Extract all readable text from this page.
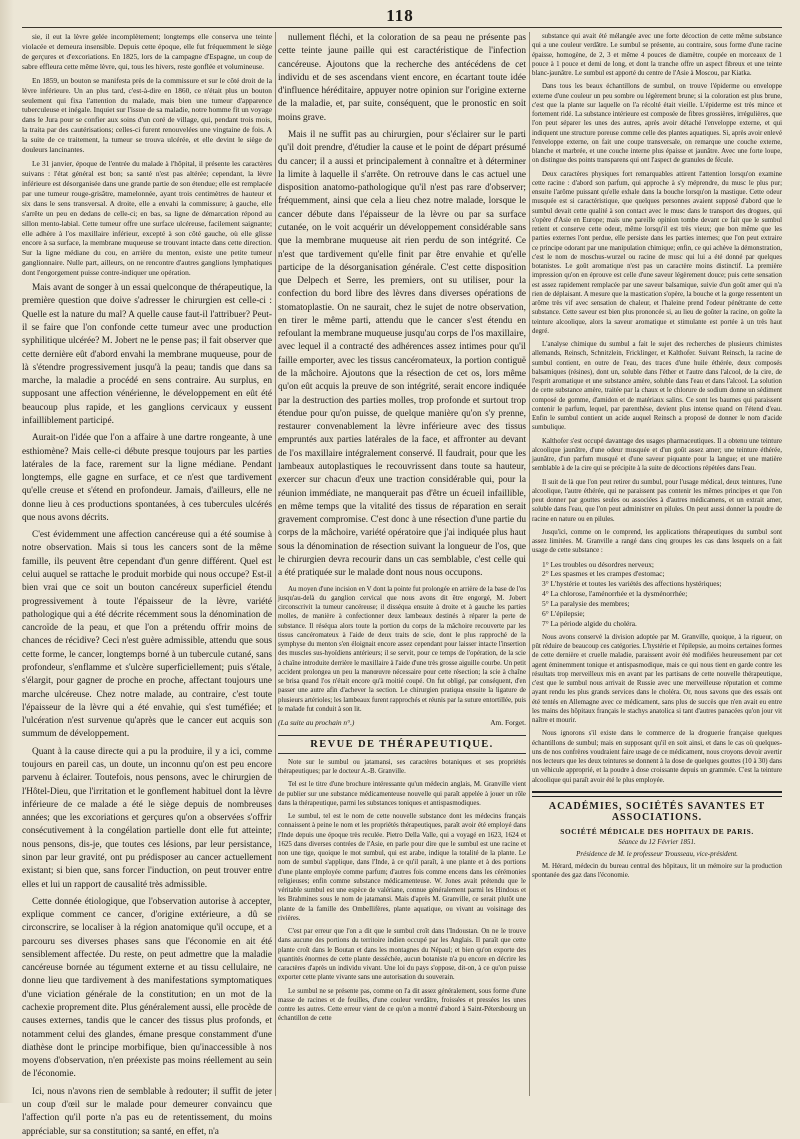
118

sie, il eut la lèvre gelée incomplètement; longtemps elle conserva une teinte violacée et demeura insensible. Depuis cette époque, elle fut fréquemment le siège de gerçures et d'excoriations. En 1825, lors de la campagne d'Espagne, un coup de sabre effleura cette même lèvre, qui, tous les hivers, reste gonflée et volumineuse.

En 1859, un bouton se manifesta près de la commissure et sur le côté droit de la lèvre inférieure. Un an plus tard, c'est-à-dire en 1860, ce n'était plus un bouton seulement qui fixa l'attention du malade, mais bien une tumeur d'apparence tuberculeuse et inégale. Inquiet sur l'issue de sa maladie, notre homme fit un voyage dans le Jura pour se confier aux soins d'un coré de village, qui, pendant trois mois, la traita par des cautérisations; celles-ci furent renouvelées une vingtaine de fois. A la suite de ce traitement, la tumeur se trouva ulcérée, et elle devint le siège de douleurs lancinantes.

Le 31 janvier, époque de l'entrée du malade à l'hôpital, il présente les caractères suivans : l'état général est bon; sa santé n'est pas altérée; cependant, la lèvre inférieure est désorganisée dans une grande partie de son étendue; elle est remplacée par une tumeur rouge-grisâtre, mamelonnée, ayant trois centimètres de hauteur et six dans le sens transversal. A droite, elle a envahi la commissure; à gauche, elle s'arrête un peu en dedans de celle-ci; en bas, sa ligne de démarcation répond au sillon mento-labial. Cette tumeur offre une surface ulcéreuse, facilement saignante; elle adhère à l'os maxillaire inférieur, excepté à son côté gauche, où elle glisse encore à sa surface, la membrane muqueuse se trouvant intacte dans cette direction. Sur la ligne médiane du cou, en arrière du menton, existe une petite tumeur ganglionnaire. Nulle part, ailleurs, on ne rencontre d'autres ganglions lymphatiques dont l'engorgement puisse contre-indiquer une opération.

Mais avant de songer à un essai quelconque de thérapeutique, la première question que doive s'adresser le chirurgien est celle-ci : Quelle est la nature du mal? A quelle cause faut-il l'attribuer? Peut-il se faire que l'on confonde cette tumeur avec une production syphilitique ulcérée? M. Jobert ne le pense pas; il fait observer que cette dernière eût d'abord envahi la membrane muqueuse, pour de là s'étendre progressivement jusqu'à la peau; tandis que dans sa marche, la maladie a procédé en sens contraire. Au surplus, en supposant une affection vénérienne, le développement en eût été beaucoup plus rapide, et les ganglions cervicaux y eussent infailliblement participé.

Aurait-on l'idée que l'on a affaire à une dartre rongeante, à une esthiomène? Mais celle-ci débute presque toujours par les parties latérales de la face, rarement sur la ligne médiane. Pendant longtemps, elle gagne en surface, et ce n'est que tardivement qu'elle creuse et s'étend en profondeur. Jamais, d'ailleurs, elle ne donne lieu à ces productions spontanées, à ces tubercules ulcérés que nous avons décrits.

C'est évidemment une affection cancéreuse qui a été soumise à notre observation. Mais si tous les cancers sont de la même famille, ils peuvent être cependant d'un genre différent. Quel est celui auquel se rattache le produit morbide qui nous occupe? Est-il bien vrai que ce soit un bouton cancéreux superficiel étendu progressivement à toute l'épaisseur de la lèvre, variété pathologique qui a été décrite récemment sous la dénomination de cancroïde de la peau, et que l'on a prétendu offrir moins de chances de récidive? Ceci n'est guère admissible, attendu que sous cette forme, le cancer, longtemps borné à un tubercule cutané, sans profondeur, s'enflamme et s'ulcère superficiellement; puis s'étale, s'élargit, pour gagner de proche en proche, affectant toujours une marche ulcéreuse. Chez notre malade, au contraire, c'est toute l'épaisseur de la lèvre qui a été envahie, qui s'est tuméfiée; et l'ulcération n'est survenue qu'après que le cancer eut acquis son summum de développement.

Quant à la cause directe qui a pu la produire, il y a ici, comme toujours en pareil cas, un doute, un inconnu qu'on est peu encore parvenu à éclairer. Toutefois, nous pensons, avec le chirurgien de l'Hôtel-Dieu, que l'irritation et le gonflement habituel dont la lèvre inférieure de ce malade a été le siège depuis de nombreuses années; que les excoriations et gerçures qu'on a observées s'offrir consécutivement à la congélation partielle dont elle fut atteinte; nous pensons, dis-je, que toutes ces lésions, par leur persistance, sinon par leur gravité, ont pu prédisposer au cancer actuellement existant; si bien que, sans forcer l'induction, on peut trouver entre elles et lui un rapport de causalité très admissible.

Cette donnée étiologique, que l'observation autorise à accepter, explique comment ce cancer, d'origine extérieure, a dû se circonscrire, se localiser à la région anatomique qu'il occupe, et a parcouru ses diverses phases sans que l'économie en ait été sensiblement affectée. Du reste, on peut admettre que la maladie cancéreuse bornée au tégument externe et au tissu cellulaire, ne donne lieu que tardivement à des manifestations symptomatiques d'une viciation générale de la constitution; en un mot de la cachexie proprement dite. Plus généralement aussi, elle procède de causes externes, tandis que le cancer des tissus plus profonds, et notamment celui des glandes, émane presque constamment d'une diathèse dont le principe morbifique, bien qu'inaccessible à nos moyens d'observation, n'en préexiste pas moins réellement au sein de l'économie.

Ici, nous n'avons rien de semblable à redouter; il suffit de jeter un coup d'œil sur le malade pour demeurer convaincu que l'affection qu'il porte n'a pas eu de retentissement, du moins appréciable, sur sa constitution; sa santé, en effet, n'a

nullement fléchi, et la coloration de sa peau ne présente pas cette teinte jaune paille qui est caractéristique de l'infection cancéreuse. Ajoutons que la recherche des antécédens de cet individu et de ses ascendans vient encore, en écartant toute idée d'influence héréditaire, appuyer notre opinion sur l'origine externe de la maladie, et, par suite, conséquent, que le pronostic en soit moins grave.

Mais il ne suffit pas au chirurgien, pour s'éclairer sur le parti qu'il doit prendre, d'étudier la cause et le point de départ présumé du cancer; il a aussi et principalement à connaître et à déterminer la limite à laquelle il s'arrête. On retrouve dans le cas actuel une disposition anatomo-pathologique qu'il n'est pas rare d'observer; fréquemment, ainsi que cela a lieu chez notre malade, lorsque le cancer débute dans l'épaisseur de la lèvre ou par sa surface cutanée, on le voit acquérir un développement considérable sans que la membrane muqueuse ait rien perdu de son intégrité. Ce n'est que tardivement qu'elle finit par être envahie et qu'elle participe de la désorganisation générale. C'est cette disposition que Delpech et Serre, les premiers, ont su utiliser, pour la confection du bord libre des lèvres dans diverses opérations de stomatoplastie. On ne saurait, chez le sujet de notre observation, en tirer le même parti, attendu que le cancer s'est étendu en refoulant la membrane muqueuse jusqu'au corps de l'os maxillaire, avec lequel il a contracté des adhérences assez intimes pour qu'il faille emporter, avec les tissus cancéromateux, la portion contiguë de la mâchoire. Ajoutons que la résection de cet os, lors même qu'on eût acquis la preuve de son intégrité, serait encore indiquée par la destruction des parties molles, trop profonde et surtout trop étendue pour qu'on puisse, de quelque manière qu'on s'y prenne, restaurer convenablement la lèvre inférieure avec des tissus empruntés aux parties latérales de la face, et affronter au devant de l'os maxillaire intégralement conservé. Il faudrait, pour que les lambeaux autoplastiques le recouvrissent dans toute sa hauteur, exercer sur chacun d'eux une traction considérable qui, pour la réunion immédiate, ne manquerait pas d'être un écueil infaillible, en même temps que la vitalité des tissus de réparation en serait gravement compromise. C'est donc à une résection d'une partie du corps de la mâchoire, variété opératoire que j'ai indiquée plus haut sous la dénomination de résection suivant la longueur de l'os, que le chirurgien devra recourir dans un cas semblable, c'est celle qui a été pratiquée sur le malade dont nous nous occupons.

Au moyen d'une incision en V dont la pointe fut prolongée en arrière de la base de l'os jusqu'au-delà du ganglion cervical que nous avons dit être engorgé, M. Jobert circonscrivit la tumeur cancéreuse; il disséqua ensuite à droite et à gauche les parties molles, de manière à confectionner deux lambeaux destinés à réparer la perte de substance. Il réséqua alors toute la portion du corps de la mâchoire recouverte par les tissus cancéromateux à l'aide de deux traits de scie, dont le plus rapproché de la symphyse du menton s'en éloignait encore assez cependant pour laisser intacte l'insertion des muscles sus-hyoïdiens antérieurs; il se servit, pour ce temps de l'opération, de la scie à chaîne introduite derrière le maxillaire à l'aide d'une très grosse aiguille courbe. Un petit accident prolongea un peu la manœuvre nécessaire pour cette résection; la scie à chaîne se brisa quand l'os n'était encore qu'à moitié coupé. On fut obligé, par conséquent, d'en passer une autre afin d'achever la section. Le chirurgien pratiqua ensuite la ligature de plusieurs artérioles; les lambeaux furent rapprochés et réunis par la suture entortillée, puis le malade fut conduit à son lit.

(La suite au prochain n°.)	Am. Forget.

REVUE DE THÉRAPEUTIQUE.

Note sur le sumbul ou jatamansi, ses caractères botaniques et ses propriétés thérapeutiques; par le docteur A.-B. Granville.

Tel est le titre d'une brochure intéressante qu'un médecin anglais, M. Granville vient de publier sur une substance médicamenteuse nouvelle qui paraît appelée à jouer un rôle dans la thérapeutique, parmi les substances toniques et antispasmodiques.

Le sumbul, tel est le nom de cette nouvelle substance dont les médecins français connaissent à peine le nom et les propriétés thérapeutiques, paraît avoir été employé dans l'Inde depuis une époque très reculée. Pietro Della Valle, qui a voyagé en 1623, 1624 et 1625 dans diverses contrées de l'Asie, en parle pour dire que le sumbul est une racine et non une tige, quoique le mot sumbul, qui est arabe, indique la totalité de la plante. Le nom de sumbul s'applique, dans l'Inde, à ce qu'il paraît, à une plante et à des portions d'une plante employée comme parfum; d'autres fois comme encens dans les cérémonies religieuses; enfin comme substance médicamenteuse. W. Jones avait prétendu que le véritable sumbul est une espèce de valériane, connue généralement parmi les Hindous et les Brahmines sous le nom de jatamansi. Mais d'après M. Granville, ce serait plutôt une plante de la famille des Ombellifères, plante aquatique, ou vivant au voisinage des rivières.

C'est par erreur que l'on a dit que le sumbul croît dans l'Indoustan. On ne le trouve dans aucune des portions du territoire indien occupé par les Anglais. Il paraît que cette plante croît dans le Boutan et dans les montagnes du Népaul; et bien qu'on exporte des quantités énormes de cette plante desséchée, aucun botaniste n'a pu encore en décrire les caractères d'après un individu vivant. Une loi du pays s'oppose, dit-on, à ce qu'on puisse exporter cette plante vivante sans une autorisation du souverain.

Le sumbul ne se présente pas, comme on l'a dit assez généralement, sous forme d'une masse de racines et de feuilles, d'une couleur verdâtre, froissées et pressées les unes contre les autres. Cette erreur vient de ce qu'on a montré d'abord à Saint-Pétersbourg un échantillon de cette

substance qui avait été mélangée avec une forte décoction de cette même substance qui a une couleur verdâtre. Le sumbul se présente, au contraire, sous forme d'une racine épaisse, homogène, de 2, 3 et même 4 pouces de diamètre, coupée en morceaux de 1 pouce à 1 pouce et demi de long, et dont la tranche offre un aspect fibreux et une teinte blanc-jaunâtre. Le sumbul est apporté du centre de l'Asie à Moscou, par Kiatka.

Dans tous les beaux échantillons de sumbul, on trouve l'épiderme ou enveloppe externe d'une couleur un peu sombre ou légèrement brune; si la coloration est plus brune, c'est que la plante sur laquelle on l'a récolté était vieille. L'épiderme est très mince et fortement ridé. La substance intérieure est composée de fibres grossières, irrégulières, que l'on peut séparer les unes des autres, après avoir détaché l'enveloppe externe, et qui indiquent une structure poreuse comme celle des plantes aquatiques. Si, après avoir enlevé l'enveloppe externe, on fait une coupe transversale, on remarque une couche externe, blanche et marbrée, et une couche interne plus épaisse et jaunâtre. Avec une forte loupe, on distingue des points transparens qui ont l'aspect de granules de fécule.

Deux caractères physiques fort remarquables attirent l'attention lorsqu'on examine cette racine : d'abord son parfum, qui approche à s'y méprendre, du musc le plus pur; ensuite l'arôme puissant qu'elle exhale dans la bouche lorsqu'on la mastique. Cette odeur musquée est si caractéristique, que quelques personnes avaient supposé d'abord que le sumbul devait cette qualité à son contact avec le musc dans le transport des drogues, qui s'opère d'Asie en Europe; mais une pareille opinion tombe devant ce fait que le sumbul retient et conserve cette odeur, même lorsqu'il est très vieux; que bon même que les parties externes l'ont perdue, elle persiste dans les parties internes; que l'on peut extraire ce principe odorant par une manipulation chimique; enfin, ce qui achève la démonstration, c'est le nom de moschus-wurzel ou racine de musc qui lui a été donné par quelques botanistes. Le goût aromatique n'est pas un caractère moins distinctif. La première impression qu'on en éprouve est celle d'une saveur légèrement douce; puis cette sensation est assez rapidement remplacée par une saveur balsamique, suivie d'un goût amer qui n'a rien de déplaisant. A mesure que la mastication s'opère, la bouche et la gorge ressentent un arôme très vif avec sensation de chaleur, et l'haleine prend l'odeur pénétrante de cette substance. Cette saveur est bien plus prononcée si, au lieu de goûter la racine, on goûte la teinture alcoolique, alors la saveur aromatique et stimulante est portée à un très haut degré.

L'analyse chimique du sumbul a fait le sujet des recherches de plusieurs chimistes allemands, Reinsch, Schnitzlein, Fricklinger, et Kalthofer. Suivant Reinsch, la racine de sumbul contient, en outre de l'eau, des traces d'une huile éthérée, deux composés balsamiques (résines), dont un, soluble dans l'éther et l'autre dans l'alcool, de la cire, de l'esprit aromatique et une substance amère, soluble dans l'eau et dans l'alcool. La solution de cette substance amère, traitée par la chaux et le chlorure de sodium donne un sédiment composé de gomme, d'amidon et de matériaux salins. Ce sont les baumes qui paraissent contenir le parfum, lequel, par parenthèse, devient plus intense quand on l'étend d'eau. Enfin le sumbul contient un acide auquel Reinsch a proposé de donner le nom d'acide sumbulique.

Kalthofer s'est occupé davantage des usages pharmaceutiques. Il a obtenu une teinture alcoolique jaunâtre, d'une odeur musquée et d'un goût assez amer; une teinture éthérée, jaunâtre, d'un parfum musqué et d'une saveur piquante pour la langue; et une matière semblable à de la cire qui se précipite à la suite de décoctions répétées dans l'eau.

Il suit de là que l'on peut retirer du sumbul, pour l'usage médical, deux teintures, l'une alcoolique, l'autre éthérée, qui ne paraissent pas contenir les mêmes principes et que l'on peut donner par gouttes seules ou associées à d'autres médicamens, et un extrait amer, soluble dans l'eau, que l'on peut administrer en pilules. On peut aussi donner la poudre de racine en nature ou en pilules.

Jusqu'ici, comme on le comprend, les applications thérapeutiques du sumbul sont assez limitées. M. Granville a rangé dans cinq groupes les cas dans lesquels on a fait usage de cette substance :

1° Les troubles ou désordres nerveux;
2° Les spasmes et les crampes d'estomac;
3° L'hystérie et toutes les variétés des affections hystériques;
4° La chlorose, l'aménorrhée et la dysménorrhée;
5° La paralysie des membres;
6° L'épilepsie;
7° La période algide du choléra.

Nous avons conservé la division adoptée par M. Granville, quoique, à la rigueur, on pût réduire de beaucoup ces catégories. L'hystérie et l'épilepsie, au moins certaines formes de cette dernière et cruelle maladie, paraissent avoir été modifiées heureusement par cet agent éminemment tonique et antispasmodique, mais ce qui nous tient en garde contre les résultats trop merveilleux mis en avant par les partisans de cette nouvelle thérapeutique, c'est que le sumbul nous arrivait de Russie avec une merveilleuse réputation et comme ayant rendu les plus grands services dans le choléra. Or, nous savons que des essais ont été tentés en Allemagne avec ce médicament, sans plus de succès que n'en avait eu entre les mains des hôpitaux français le stachys anatolica si tant d'autres panacées qu'on jour vit naître et mourir.

Nous ignorons s'il existe dans le commerce de la droguerie française quelques échantillons de sumbul; mais en supposant qu'il en soit ainsi, et dans le cas où quelques-uns de nos confrères voudraient faire usage de ce médicament, nous croyons devoir avertir nos lecteurs que les deux teintures se donnent à la dose de quelques gouttes (10 à 30) dans un véhicule approprié, et la poudre à dose croissante depuis un grammée. C'est la teinture alcoolique qui paraît avoir été le plus employée.

ACADÉMIES, SOCIÉTÉS SAVANTES ET ASSOCIATIONS.
SOCIÉTÉ MÉDICALE DES HOPITAUX DE PARIS.
Séance du 12 Février 1851.
Présidence de M. le professeur Trousseau, vice-président.

M. Hérard, médecin du bureau central des hôpitaux, lit un mémoire sur la production spontanée des gaz dans l'économie.
